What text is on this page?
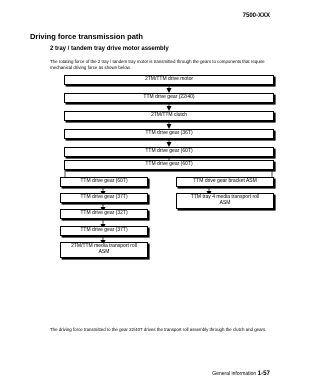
7500-XXX
Driving force transmission path
2 tray / tandem tray drive motor assembly
The rotating force of the 2 tray / tandem tray motor is transmitted through the gears to components that require mechanical driving force as shown below.
2TM/TTM drive motor
TTM drive gear (22/40)
2TM/TTM clutch
TTM drive gear (36T)
TTM drive gear (60T)
TTM drive gear (60T)
TTM drive gear (60T)
TTM drive gear (37T)
TTM drive gear (32T)
TTM drive gear (37T)
2TM/TTM media transport roll ASM
TTM drive gear bracket ASM
TTM tray 4 media transport roll ASM
The driving force transmitted to the gear 22/40T drives the transport roll assembly through the clutch and gears.
General information 1-57
